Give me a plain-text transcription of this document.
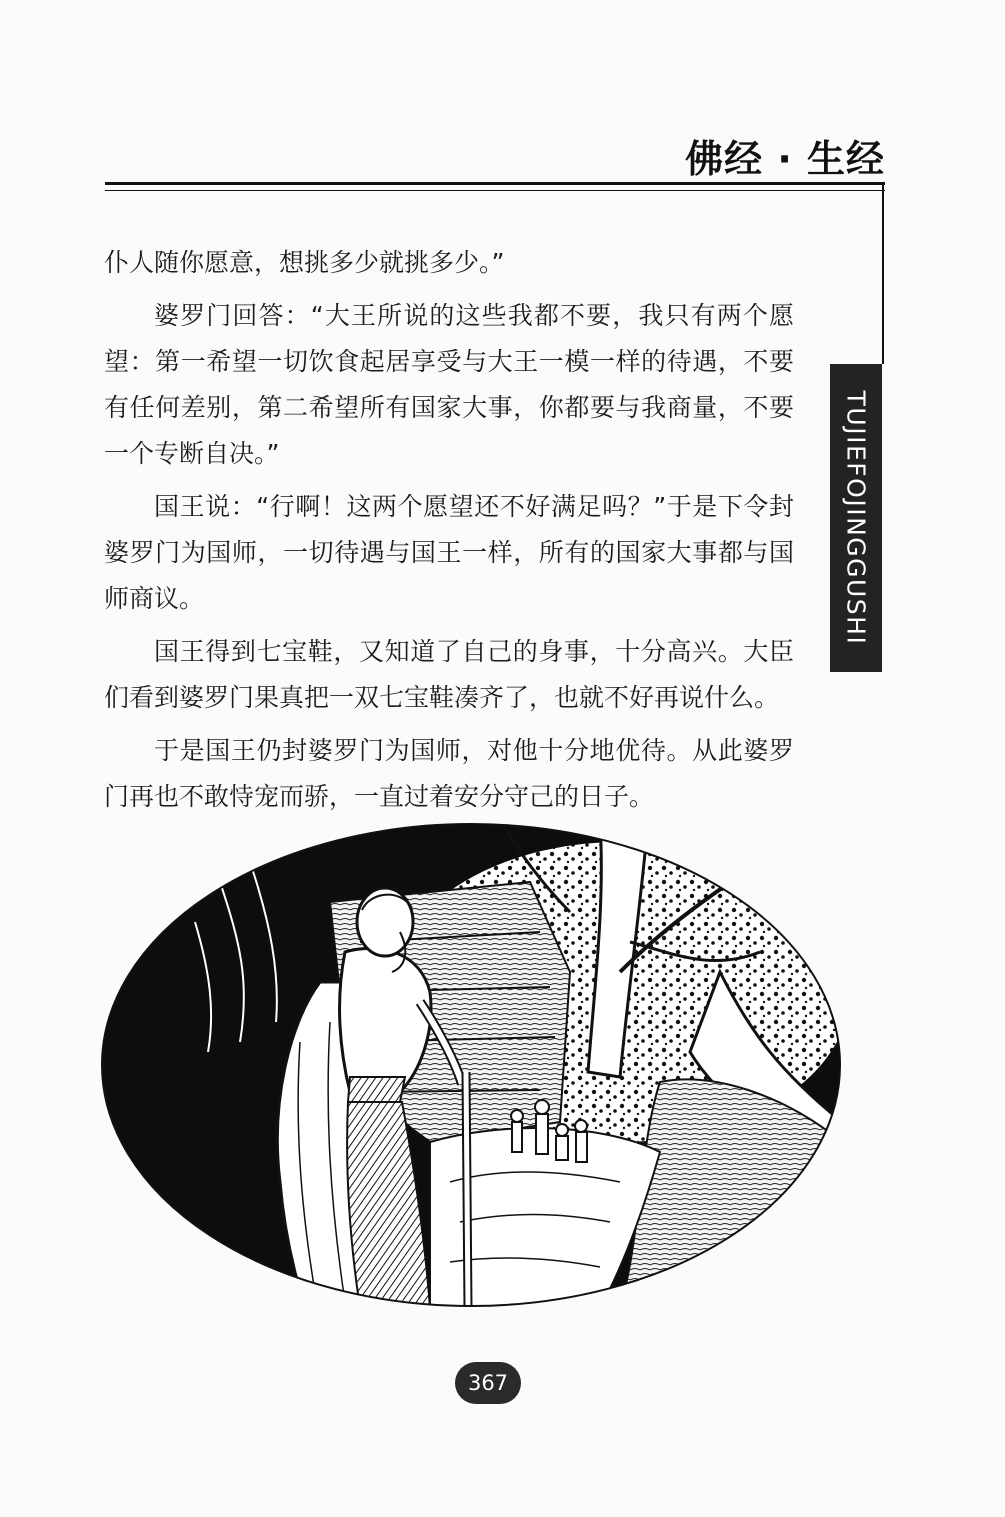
佛经 · 生经
TUJIEFOJINGGUSHI

仆人随你愿意，想挑多少就挑多少。”

婆罗门回答：“大王所说的这些我都不要，我只有两个愿望：第一希望一切饮食起居享受与大王一模一样的待遇，不要有任何差别，第二希望所有国家大事，你都要与我商量，不要一个专断自决。”

国王说：“行啊！这两个愿望还不好满足吗？”于是下令封婆罗门为国师，一切待遇与国王一样，所有的国家大事都与国师商议。

国王得到七宝鞋，又知道了自己的身事，十分高兴。大臣们看到婆罗门果真把一双七宝鞋凑齐了，也就不好再说什么。

于是国王仍封婆罗门为国师，对他十分地优待。从此婆罗门再也不敢恃宠而骄，一直过着安分守己的日子。

367
